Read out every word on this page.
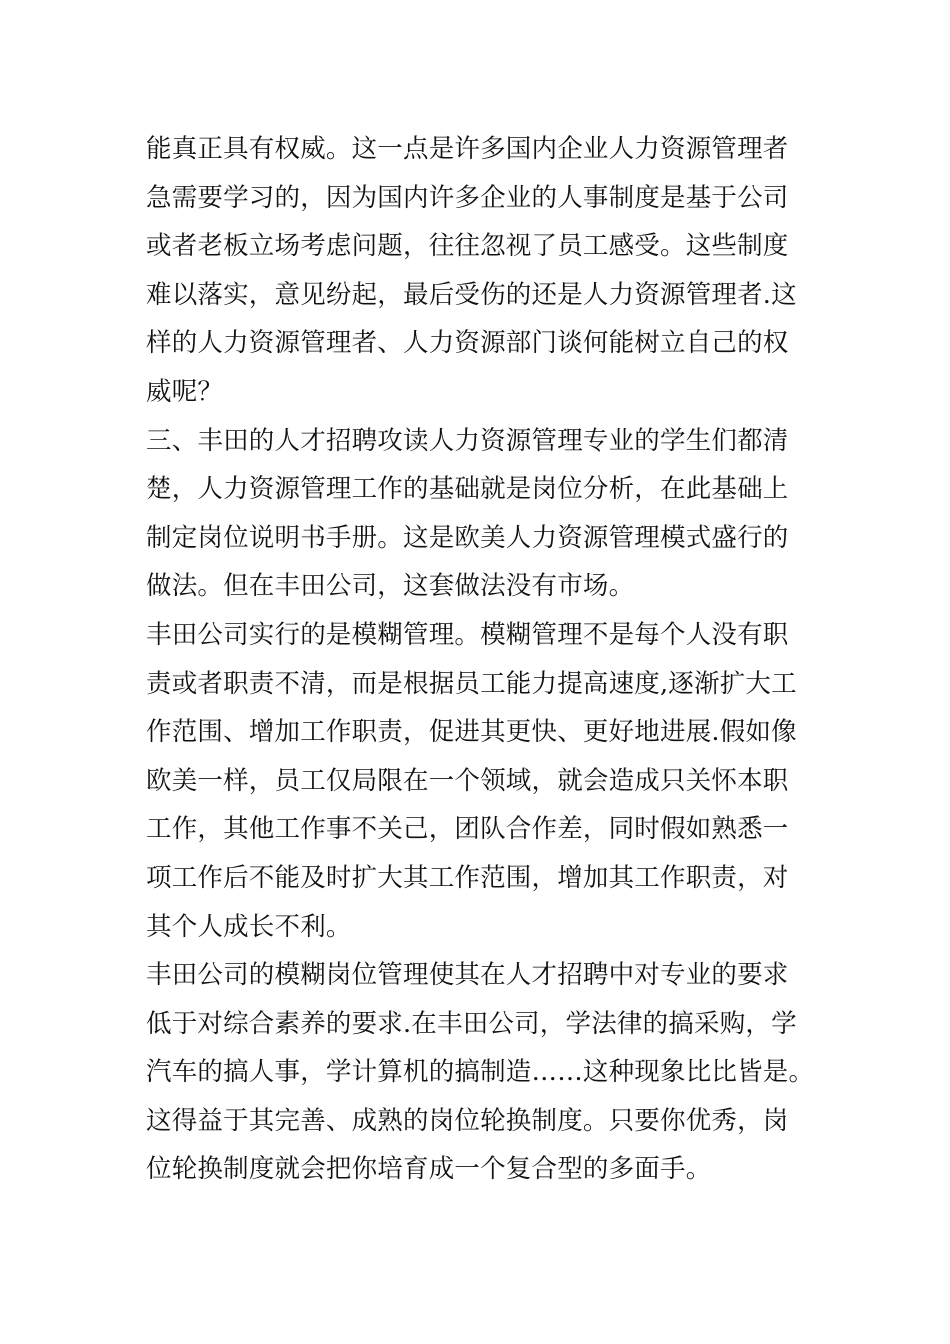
能真正具有权威。这一点是许多国内企业人力资源管理者
急需要学习的，因为国内许多企业的人事制度是基于公司
或者老板立场考虑问题，往往忽视了员工感受。这些制度
难以落实，意见纷起，最后受伤的还是人力资源管理者.这
样的人力资源管理者、人力资源部门谈何能树立自己的权
威呢？
三、丰田的人才招聘攻读人力资源管理专业的学生们都清
楚，人力资源管理工作的基础就是岗位分析，在此基础上
制定岗位说明书手册。这是欧美人力资源管理模式盛行的
做法。但在丰田公司，这套做法没有市场。
丰田公司实行的是模糊管理。模糊管理不是每个人没有职
责或者职责不清，而是根据员工能力提高速度,逐渐扩大工
作范围、增加工作职责，促进其更快、更好地进展.假如像
欧美一样，员工仅局限在一个领域，就会造成只关怀本职
工作，其他工作事不关己，团队合作差，同时假如熟悉一
项工作后不能及时扩大其工作范围，增加其工作职责，对
其个人成长不利。
丰田公司的模糊岗位管理使其在人才招聘中对专业的要求
低于对综合素养的要求.在丰田公司，学法律的搞采购，学
汽车的搞人事，学计算机的搞制造……这种现象比比皆是。
这得益于其完善、成熟的岗位轮换制度。只要你优秀，岗
位轮换制度就会把你培育成一个复合型的多面手。
